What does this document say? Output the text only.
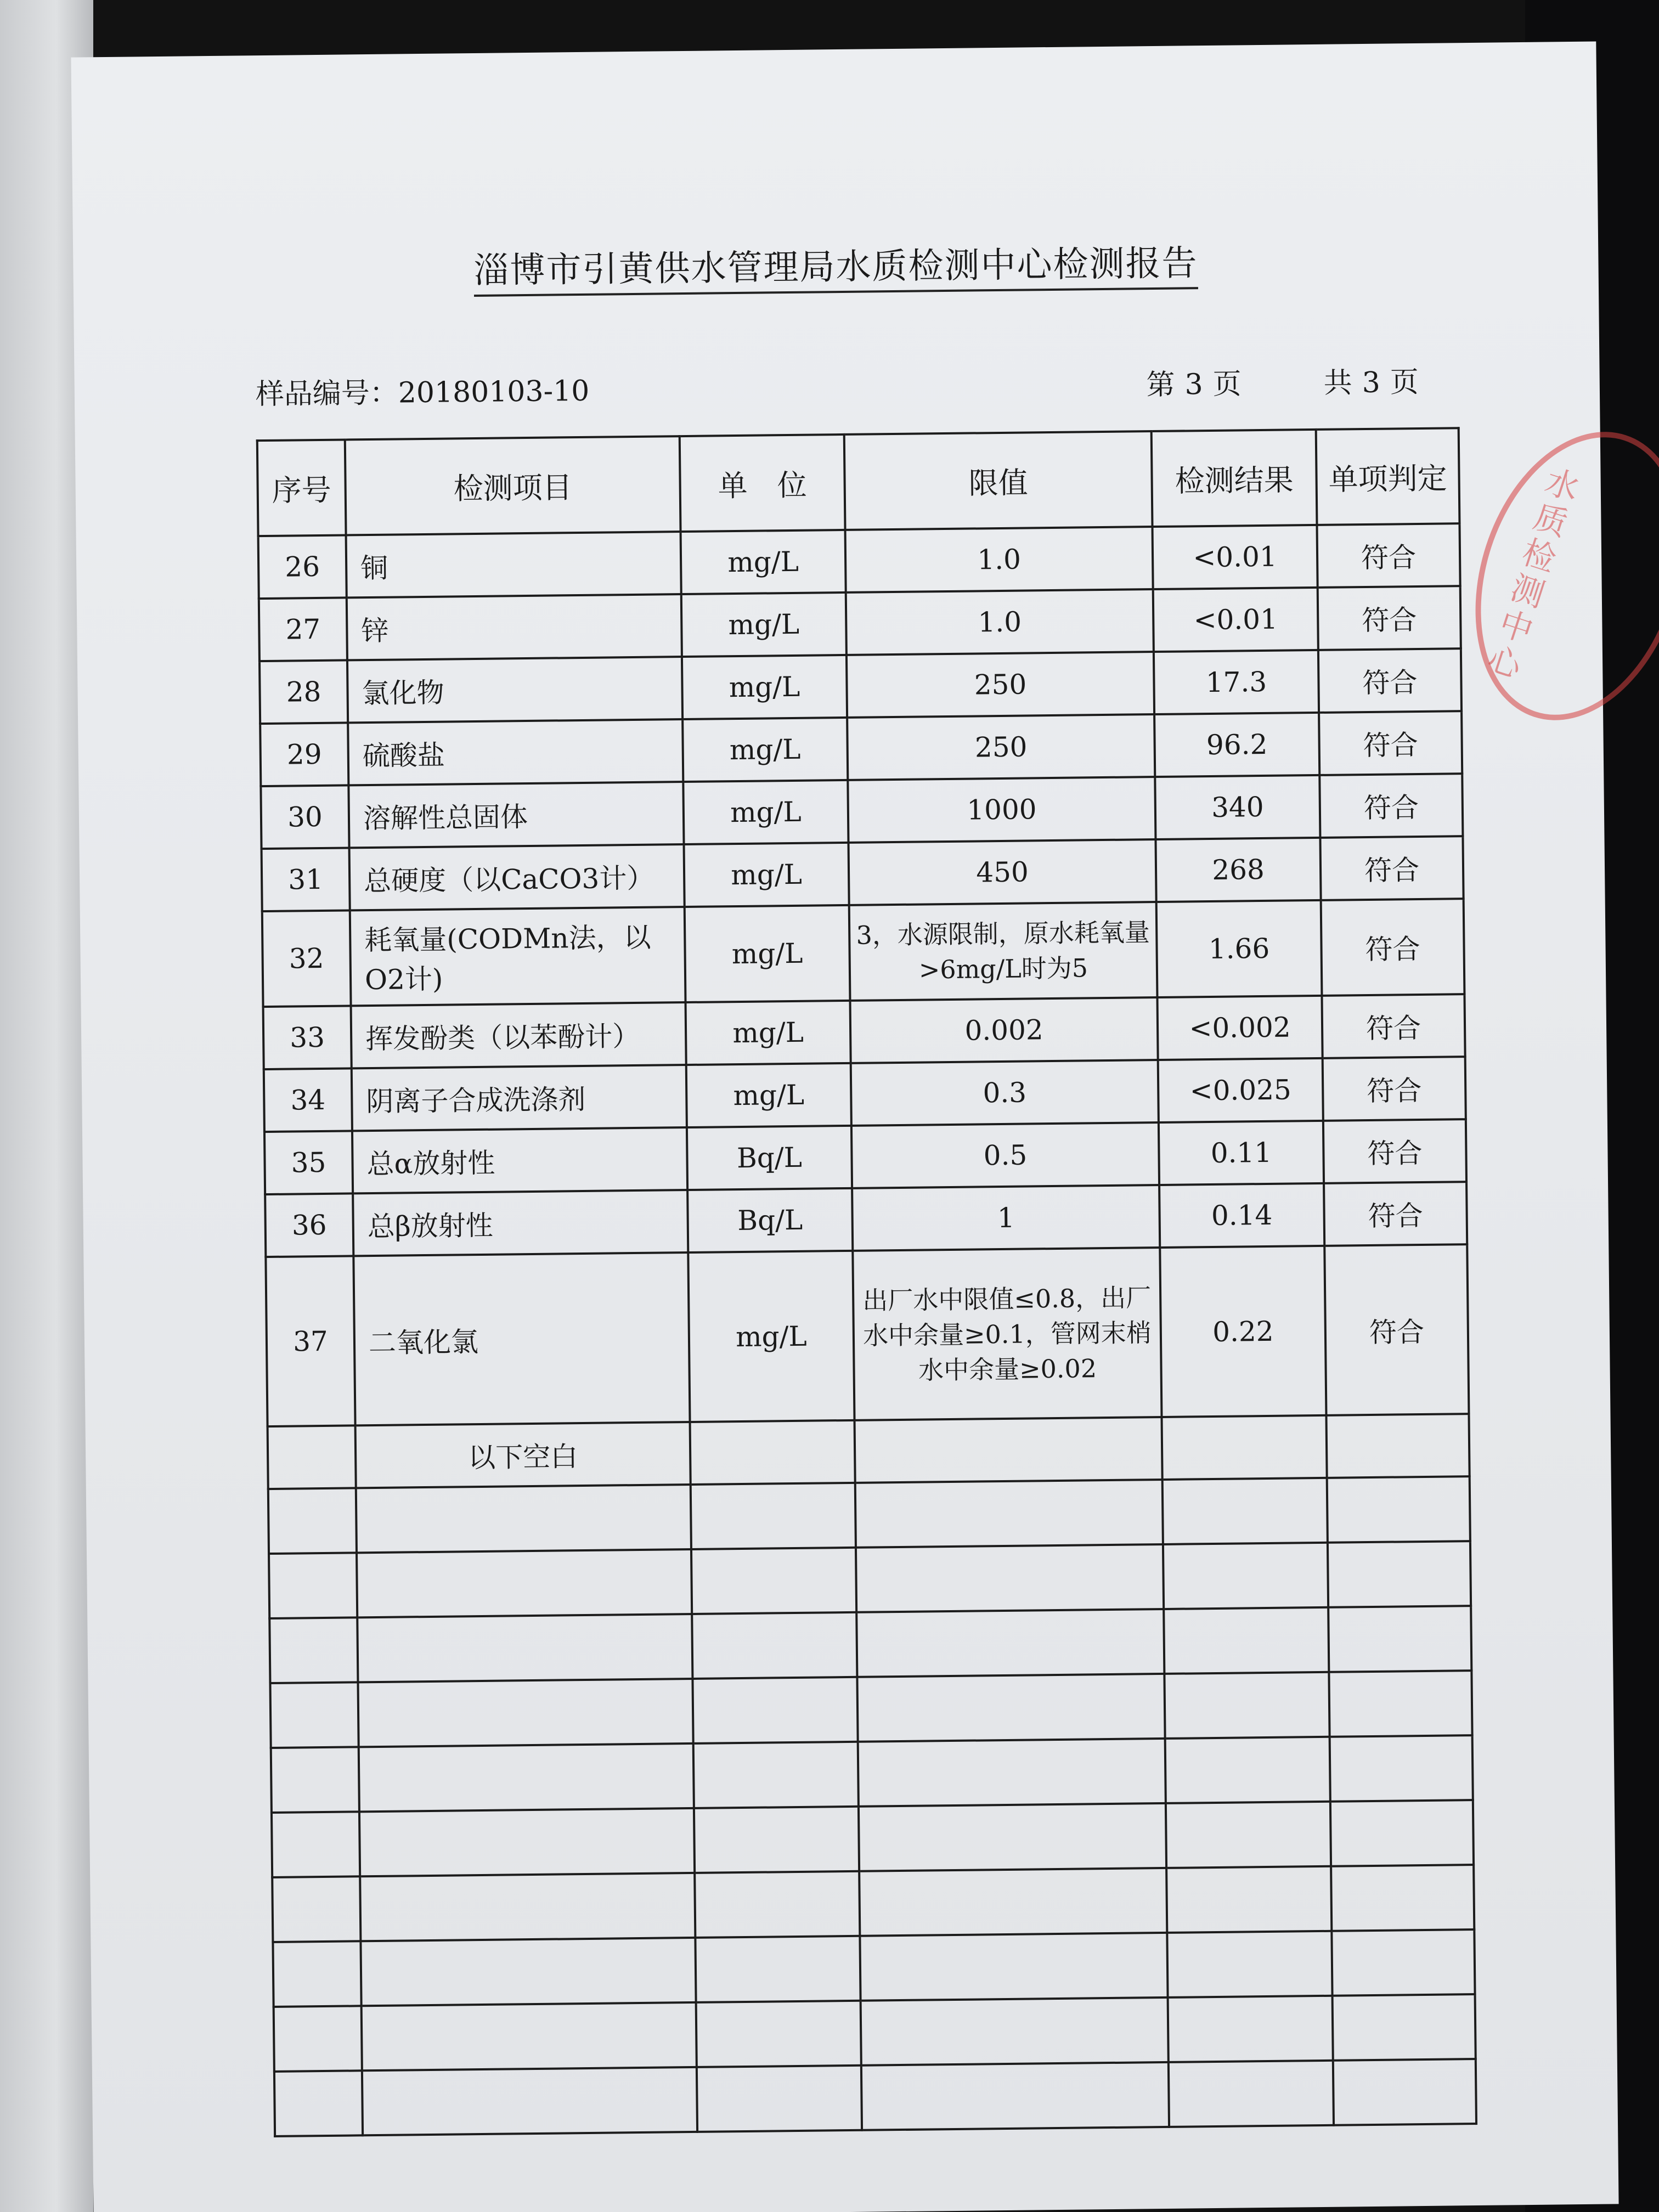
淄博市引黄供水管理局水质检测中心检测报告
样品编号：20180103-10	第 3 页	共 3 页
序号	检测项目	单　位	限值	检测结果	单项判定
26	铜	mg/L	1.0	<0.01	符合
27	锌	mg/L	1.0	<0.01	符合
28	氯化物	mg/L	250	17.3	符合
29	硫酸盐	mg/L	250	96.2	符合
30	溶解性总固体	mg/L	1000	340	符合
31	总硬度（以CaCO3计）	mg/L	450	268	符合
32	耗氧量(CODMn法，以O2计)	mg/L	3，水源限制，原水耗氧量>6mg/L时为5	1.66	符合
33	挥发酚类（以苯酚计）	mg/L	0.002	<0.002	符合
34	阴离子合成洗涤剂	mg/L	0.3	<0.025	符合
35	总α放射性	Bq/L	0.5	0.11	符合
36	总β放射性	Bq/L	1	0.14	符合
37	二氧化氯	mg/L	出厂水中限值≤0.8，出厂水中余量≥0.1，管网末梢水中余量≥0.02	0.22	符合
	以下空白				

水质检测中心
